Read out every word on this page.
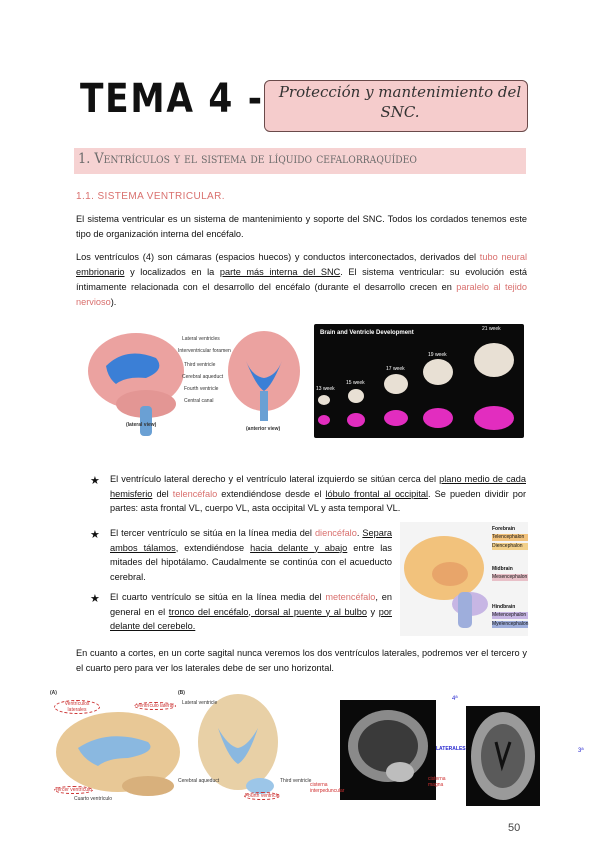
TEMA 4 - Protección y mantenimiento del SNC.
1. Ventrículos y el sistema de líquido cefalorraquídeo
1.1. SISTEMA VENTRICULAR.
El sistema ventricular es un sistema de mantenimiento y soporte del SNC. Todos los cordados tenemos este tipo de organización interna del encéfalo.
Los ventrículos (4) son cámaras (espacios huecos) y conductos interconectados, derivados del tubo neural embrionario y localizados en la parte más interna del SNC. El sistema ventricular: su evolución está íntimamente relacionada con el desarrollo del encéfalo (durante el desarrollo crecen en paralelo al tejido nervioso).
Lateral ventricles
Interventricular foramen
Third ventricle
Cerebral aqueduct
Fourth ventricle
Central canal
(lateral view)
(anterior view)
Brain and Ventricle Development
13 week
15 week
17 week
19 week
21 week
★ El ventrículo lateral derecho y el ventrículo lateral izquierdo se sitúan cerca del plano medio de cada hemisferio del telencéfalo extendiéndose desde el lóbulo frontal al occipital. Se pueden dividir por partes: asta frontal VL, cuerpo VL, asta occipital VL y asta temporal VL.
★ El tercer ventrículo se sitúa en la línea media del diencéfalo. Separa ambos tálamos, extendiéndose hacia delante y abajo entre las mitades del hipotálamo. Caudalmente se continúa con el acueducto cerebral.
★ El cuarto ventrículo se sitúa en la línea media del metencéfalo, en general en el tronco del encéfalo, dorsal al puente y al bulbo y por delante del cerebelo.
Forebrain
Telencephalon
Diencephalon
Midbrain
Mesencephalon
Hindbrain
Metencephalon
Myelencephalon
En cuanto a cortes, en un corte sagital nunca veremos los dos ventrículos laterales, podremos ver el tercero y el cuarto pero para ver los laterales debe de ser uno horizontal.
(A)	(B)
Ventrículos laterales
Ventrículo lateral	Lateral ventricle
Tercer ventrículo
Cuarto ventrículo
Cerebral aqueduct	Third ventricle
Fourth ventricle
4ª
LATERALES	3ª
cisterna interpeduncular
cisterna magna
50
